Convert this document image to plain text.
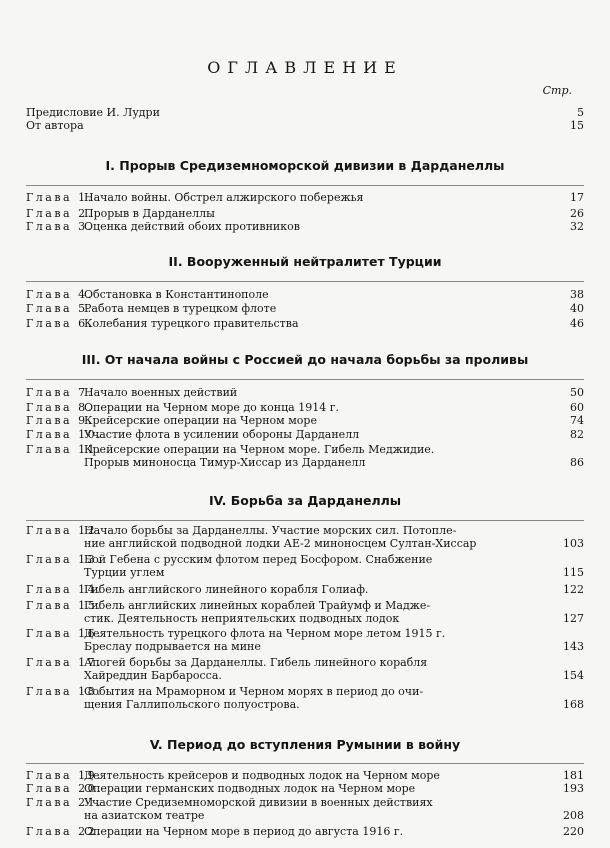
ОГЛАВЛЕНИЕ
Стр.
Предисловие И. Лудри	5
От автора	15
I. Прорыв Средиземноморской дивизии в Дарданеллы
Глава 1.
Начало войны. Обстрел алжирского побережья	17
Глава 2.
Прорыв в Дарданеллы	26
Глава 3.
Оценка действий обоих противников	32
II. Вооруженный нейтралитет Турции
Глава 4.
Обстановка в Константинополе	38
Глава 5.
Работа немцев в турецком флоте	40
Глава 6.
Колебания турецкого правительства	46
III. От начала войны с Россией до начала борьбы за проливы
Глава 7.
Начало военных действий	50
Глава 8.
Операции на Черном море до конца 1914 г.	60
Глава 9.
Крейсерские операции на Черном море	74
Глава 10.
Участие флота в усилении обороны Дарданелл	82
Глава 11.
Крейсерские операции на Черном море. Гибель Меджидие.
Прорыв миноносца Тимур-Хиссар из Дарданелл	86
IV. Борьба за Дарданеллы
Глава 12.
Начало борьбы за Дарданеллы. Участие морских сил. Потопле-
ние английской подводной лодки АЕ-2 миноносцем Султан-Хиссар	103
Глава 13.
Бой Гебена с русским флотом перед Босфором. Снабжение
Турции углем	115
Глава 14.
Гибель английского линейного корабля Голиаф.	122
Глава 15.
Гибель английских линейных кораблей Трайумф и Маджe-
стик. Деятельность неприятельских подводных лодок	127
Глава 16.
Деятельность турецкого флота на Черном море летом 1915 г.
Бреслау подрывается на мине	143
Глава 17.
Апогей борьбы за Дарданеллы. Гибель линейного корабля
Хайреддин Барбаросса.	154
Глава 18.
События на Мраморном и Черном морях в период до очи-
щения Галлипольского полуострова.	168
V. Период до вступления Румынии в войну
Глава 19.
Деятельность крейсеров и подводных лодок на Черном море	181
Глава 20.
Операции германских подводных лодок на Черном море	193
Глава 21.
Участие Средиземноморской дивизии в военных действиях
на азиатском театре	208
Глава 22.
Операции на Черном море в период до августа 1916 г.	220
